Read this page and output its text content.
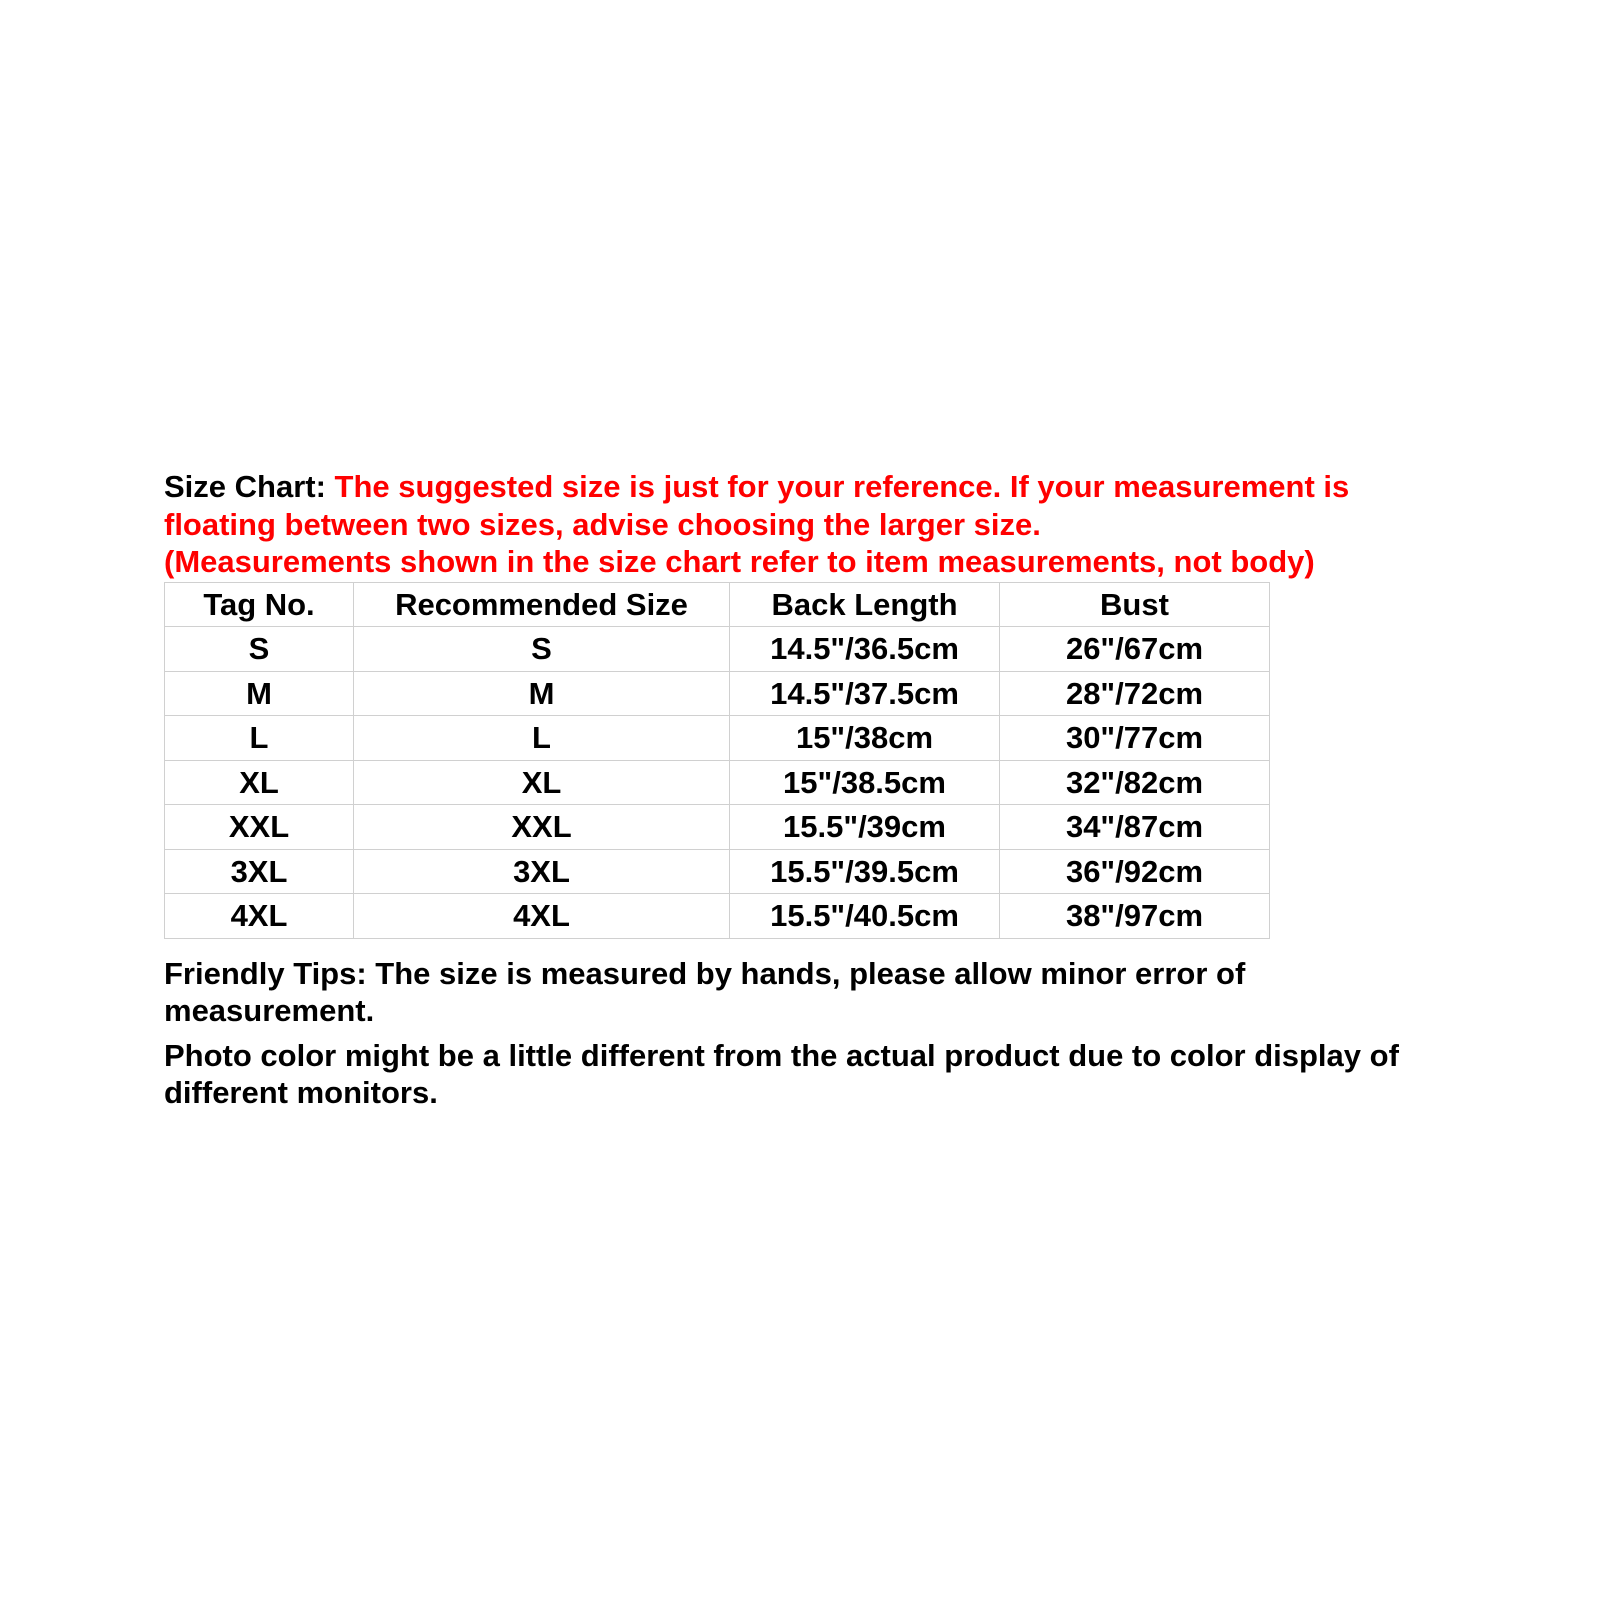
Size Chart: The suggested size is just for your reference. If your measurement is
floating between two sizes, advise choosing the larger size.
(Measurements shown in the size chart refer to item measurements, not body)

Tag No.	Recommended Size	Back Length	Bust
S	S	14.5"/36.5cm	26"/67cm
M	M	14.5"/37.5cm	28"/72cm
L	L	15"/38cm	30"/77cm
XL	XL	15"/38.5cm	32"/82cm
XXL	XXL	15.5"/39cm	34"/87cm
3XL	3XL	15.5"/39.5cm	36"/92cm
4XL	4XL	15.5"/40.5cm	38"/97cm

Friendly Tips: The size is measured by hands, please allow minor error of
measurement.

Photo color might be a little different from the actual product due to color display of
different monitors.
